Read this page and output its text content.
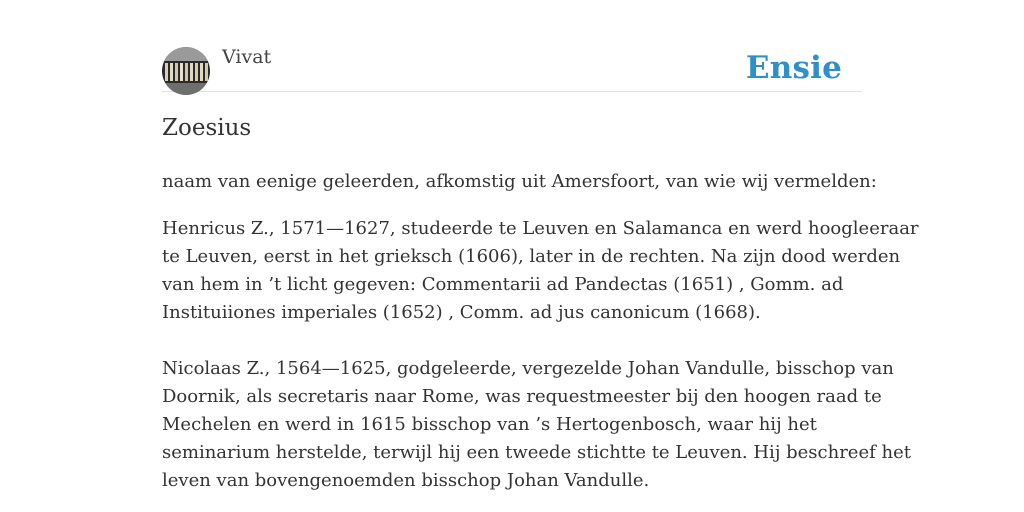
Vivat	Ensie
Zoesius
naam van eenige geleerden, afkomstig uit Amersfoort, van wie wij vermelden:
Henricus Z., 1571—1627, studeerde te Leuven en Salamanca en werd hoogleeraar
te Leuven, eerst in het grieksch (1606), later in de rechten. Na zijn dood werden
van hem in ’t licht gegeven: Commentarii ad Pandectas (1651) , Gomm. ad
Instituiiones imperiales (1652) , Comm. ad jus canonicum (1668).
Nicolaas Z., 1564—1625, godgeleerde, vergezelde Johan Vandulle, bisschop van
Doornik, als secretaris naar Rome, was requestmeester bij den hoogen raad te
Mechelen en werd in 1615 bisschop van ’s Hertogenbosch, waar hij het
seminarium herstelde, terwijl hij een tweede stichtte te Leuven. Hij beschreef het
leven van bovengenoemden bisschop Johan Vandulle.
